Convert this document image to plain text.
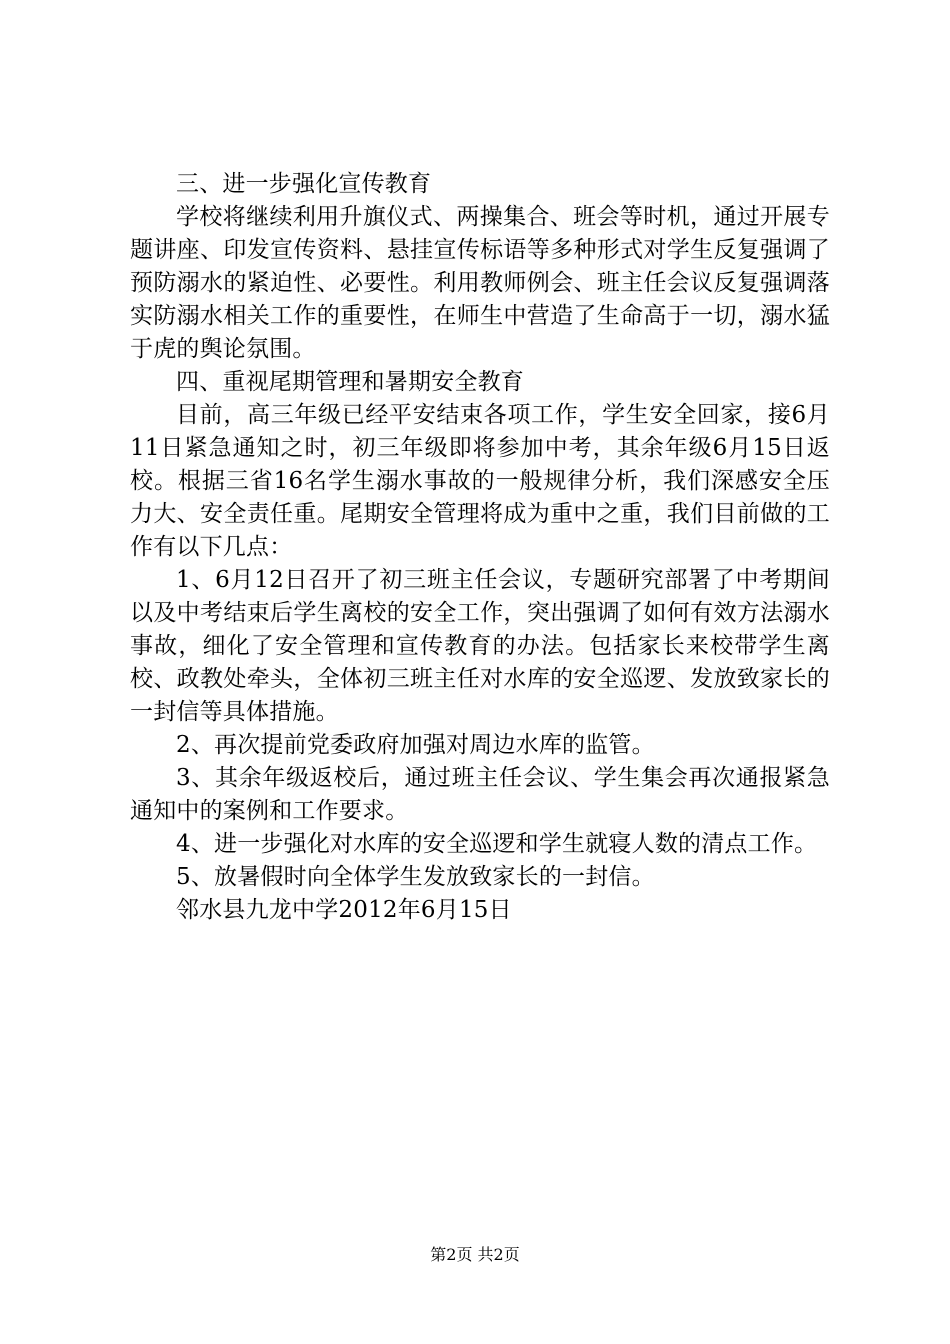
三、进一步强化宣传教育

学校将继续利用升旗仪式、两操集合、班会等时机，通过开展专题讲座、印发宣传资料、悬挂宣传标语等多种形式对学生反复强调了预防溺水的紧迫性、必要性。利用教师例会、班主任会议反复强调落实防溺水相关工作的重要性，在师生中营造了生命高于一切，溺水猛于虎的舆论氛围。

四、重视尾期管理和暑期安全教育

目前，高三年级已经平安结束各项工作，学生安全回家，接6月11日紧急通知之时，初三年级即将参加中考，其余年级6月15日返校。根据三省16名学生溺水事故的一般规律分析，我们深感安全压力大、安全责任重。尾期安全管理将成为重中之重，我们目前做的工作有以下几点：

1、6月12日召开了初三班主任会议，专题研究部署了中考期间以及中考结束后学生离校的安全工作，突出强调了如何有效方法溺水事故，细化了安全管理和宣传教育的办法。包括家长来校带学生离校、政教处牵头，全体初三班主任对水库的安全巡逻、发放致家长的一封信等具体措施。

2、再次提前党委政府加强对周边水库的监管。

3、其余年级返校后，通过班主任会议、学生集会再次通报紧急通知中的案例和工作要求。

4、进一步强化对水库的安全巡逻和学生就寝人数的清点工作。

5、放暑假时向全体学生发放致家长的一封信。

邻水县九龙中学2012年6月15日

第2页 共2页
